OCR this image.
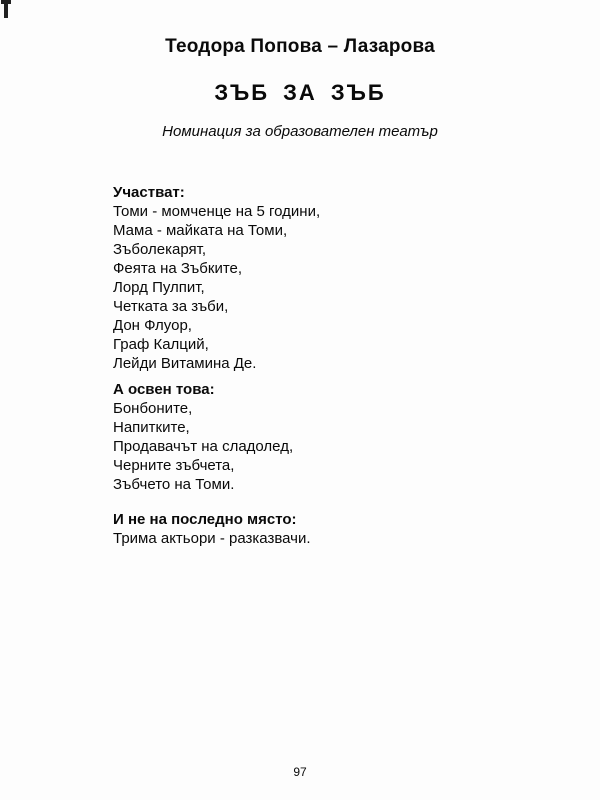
Теодора Попова – Лазарова
ЗЪБ ЗА ЗЪБ
Номинация за образователен театър
Участват:
Томи - момченце на 5 години,
Мама - майката на Томи,
Зъболекарят,
Феята на Зъбките,
Лорд Пулпит,
Четката за зъби,
Дон Флуор,
Граф Калций,
Лейди Витамина Де.
А освен това:
Бонбоните,
Напитките,
Продавачът на сладолед,
Черните зъбчета,
Зъбчето на Томи.
И не на последно място:
Трима актьори - разказвачи.
97
